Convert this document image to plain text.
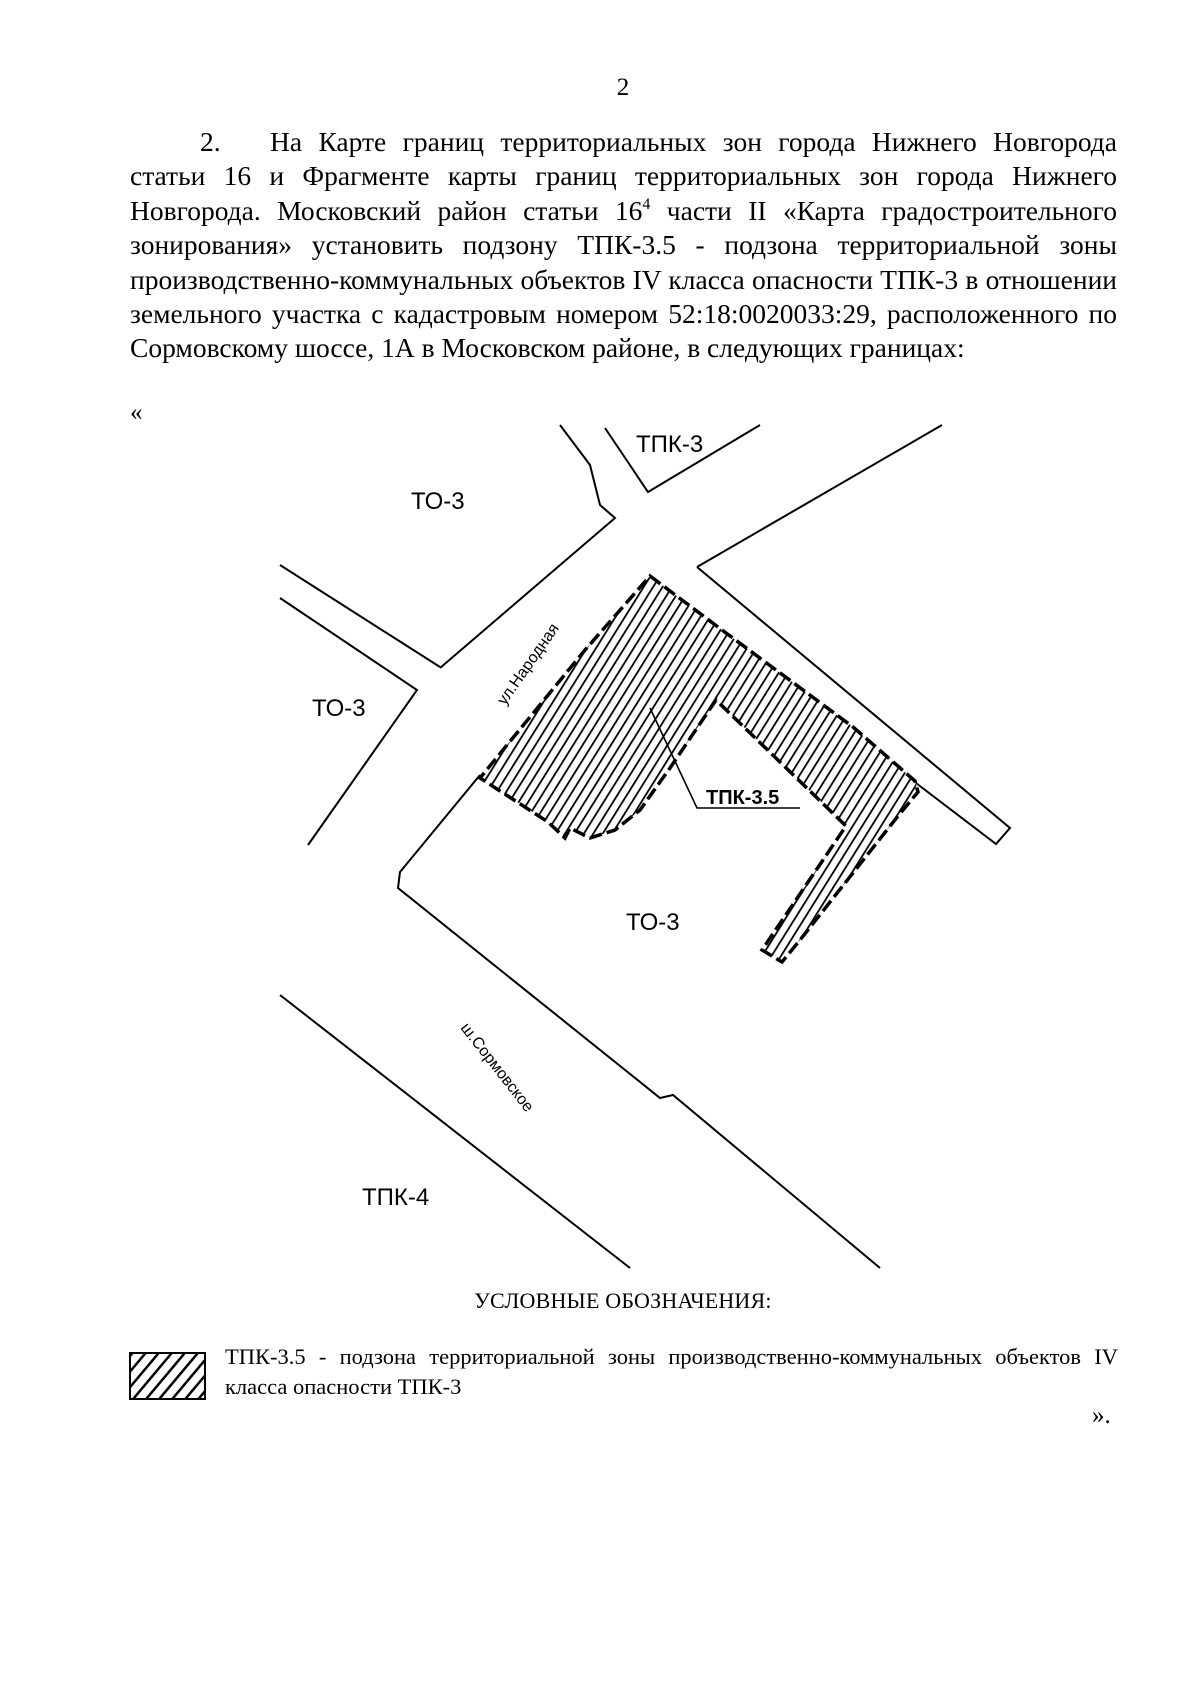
2

2. На Карте границ территориальных зон города Нижнего Новгорода статьи 16 и Фрагменте карты границ территориальных зон города Нижнего Новгорода. Московский район статьи $16^4$ части II «Карта градостроительного зонирования» установить подзону ТПК-3.5 - подзона территориальной зоны производственно-коммунальных объектов IV класса опасности ТПК-3 в отношении земельного участка с кадастровым номером 52:18:0020033:29, расположенного по Сормовскому шоссе, 1А в Московском районе, в следующих границах:

«
ТО-3
ТПК-3
ТО-3
ТО-3
ТПК-4
ТПК-3.5
ул.Народная
ш.Сормовское
УСЛОВНЫЕ ОБОЗНАЧЕНИЯ:

ТПК-3.5 - подзона территориальной зоны производственно-коммунальных объектов IV класса опасности ТПК-3

».
